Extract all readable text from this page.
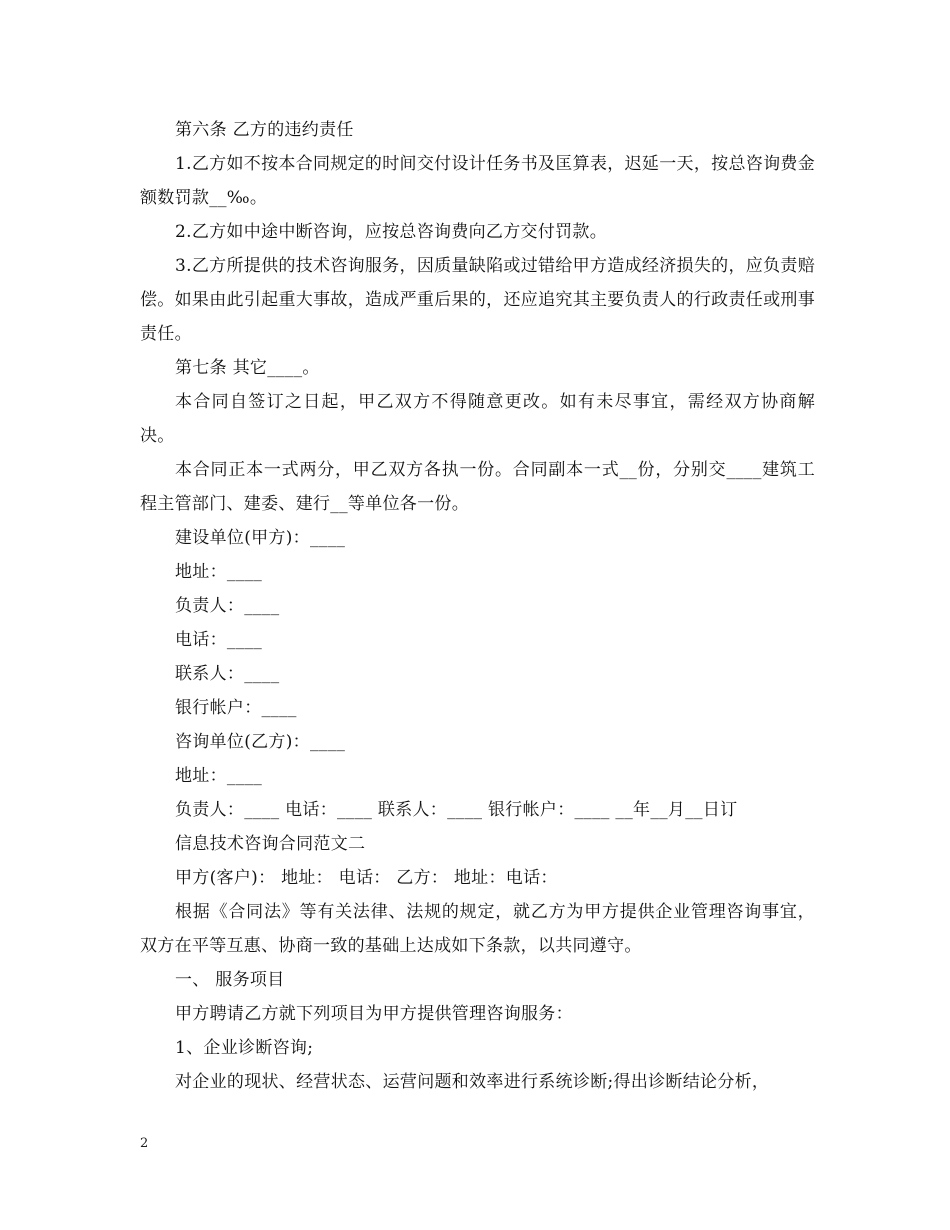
第六条 乙方的违约责任

1.乙方如不按本合同规定的时间交付设计任务书及匡算表，迟延一天，按总咨询费金额数罚款__‰。

2.乙方如中途中断咨询，应按总咨询费向乙方交付罚款。

3.乙方所提供的技术咨询服务，因质量缺陷或过错给甲方造成经济损失的，应负责赔偿。如果由此引起重大事故，造成严重后果的，还应追究其主要负责人的行政责任或刑事责任。

第七条 其它____。

本合同自签订之日起，甲乙双方不得随意更改。如有未尽事宜，需经双方协商解决。

本合同正本一式两分，甲乙双方各执一份。合同副本一式__份，分别交____建筑工程主管部门、建委、建行__等单位各一份。

建设单位(甲方)：____

地址：____

负责人：____

电话：____

联系人：____

银行帐户：____

咨询单位(乙方)：____

地址：____

负责人：____ 电话：____ 联系人：____ 银行帐户：____ __年__月__日订

信息技术咨询合同范文二

甲方(客户)： 地址： 电话： 乙方： 地址：电话：

根据《合同法》等有关法律、法规的规定，就乙方为甲方提供企业管理咨询事宜，双方在平等互惠、协商一致的基础上达成如下条款，以共同遵守。

一、 服务项目

甲方聘请乙方就下列项目为甲方提供管理咨询服务：

1、企业诊断咨询;

对企业的现状、经营状态、运营问题和效率进行系统诊断;得出诊断结论分析，

2
